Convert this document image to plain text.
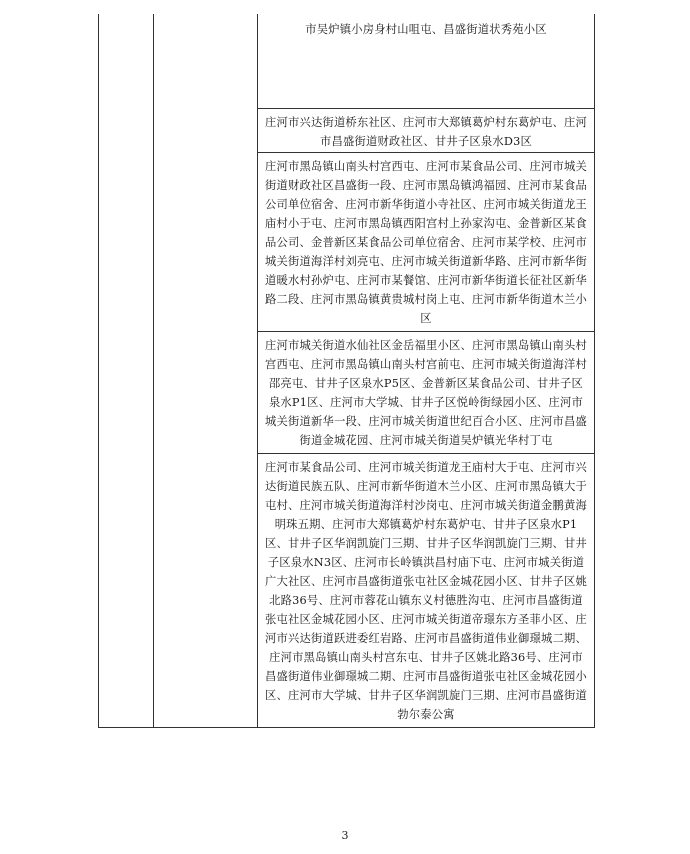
市吴炉镇小房身村山咀屯、昌盛街道状秀苑小区
庄河市兴达街道桥东社区、庄河市大郑镇葛炉村东葛炉屯、庄河市昌盛街道财政社区、甘井子区泉水D3区
庄河市黑岛镇山南头村宫西屯、庄河市某食品公司、庄河市城关街道财政社区昌盛街一段、庄河市黑岛镇鸿福园、庄河市某食品公司单位宿舍、庄河市新华街道小寺社区、庄河市城关街道龙王庙村小于屯、庄河市黑岛镇西阳宫村上孙家沟屯、金普新区某食品公司、金普新区某食品公司单位宿舍、庄河市某学校、庄河市城关街道海洋村刘亮屯、庄河市城关街道新华路、庄河市新华街道暖水村孙炉屯、庄河市某餐馆、庄河市新华街道长征社区新华路二段、庄河市黑岛镇黄贵城村岗上屯、庄河市新华街道木兰小区
庄河市城关街道水仙社区金岳福里小区、庄河市黑岛镇山南头村宫西屯、庄河市黑岛镇山南头村宫前屯、庄河市城关街道海洋村邵亮屯、甘井子区泉水P5区、金普新区某食品公司、甘井子区泉水P1区、庄河市大学城、甘井子区悦岭街绿园小区、庄河市城关街道新华一段、庄河市城关街道世纪百合小区、庄河市昌盛街道金城花园、庄河市城关街道吴炉镇光华村丁屯
庄河市某食品公司、庄河市城关街道龙王庙村大于屯、庄河市兴达街道民族五队、庄河市新华街道木兰小区、庄河市黑岛镇大于屯村、庄河市城关街道海洋村沙岗屯、庄河市城关街道金鹏黄海明珠五期、庄河市大郑镇葛炉村东葛炉屯、甘井子区泉水P1区、甘井子区华润凯旋门三期、甘井子区华润凯旋门三期、甘井子区泉水N3区、庄河市长岭镇洪昌村庙下屯、庄河市城关街道广大社区、庄河市昌盛街道张屯社区金城花园小区、甘井子区姚北路36号、庄河市蓉花山镇东义村德胜沟屯、庄河市昌盛街道张屯社区金城花园小区、庄河市城关街道帝璟东方圣菲小区、庄河市兴达街道跃进委红岩路、庄河市昌盛街道伟业御璟城二期、庄河市黑岛镇山南头村宫东屯、甘井子区姚北路36号、庄河市昌盛街道伟业御璟城二期、庄河市昌盛街道张屯社区金城花园小区、庄河市大学城、甘井子区华润凯旋门三期、庄河市昌盛街道勃尔泰公寓
3
